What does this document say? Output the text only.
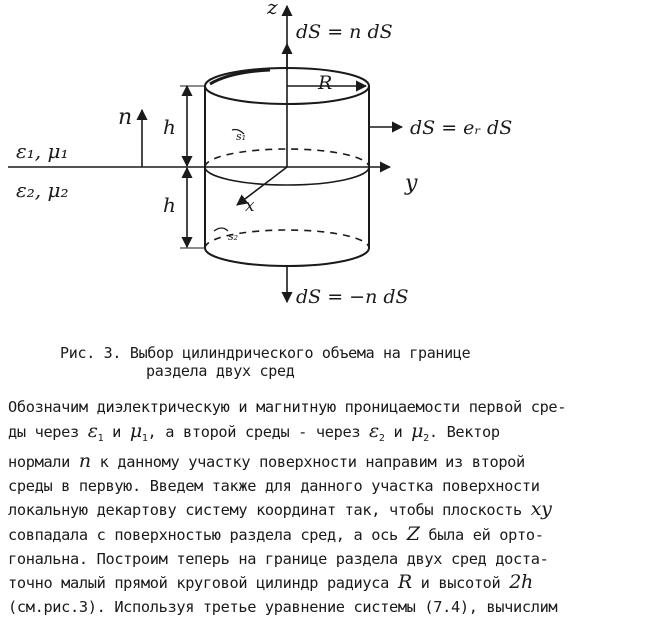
z
y
x
R
h
h
n
ε₁, μ₁
ε₂, μ₂
dS = n dS
dS = eᵣ dS
dS = −n dS
s₁
s₂
Рис. 3. Выбор цилиндрического объема на границе
раздела двух сред

Обозначим диэлектрическую и магнитную проницаемости первой сре-
ды через $\varepsilon_1$ и $\mu_1$, а второй среды - через $\varepsilon_2$ и $\mu_2$. Вектор
нормали n к данному участку поверхности направим из второй
среды в первую. Введем также для данного участка поверхности
локальную декартову систему координат так, чтобы плоскость xy
совпадала с поверхностью раздела сред, а ось Z была ей орто-
гональна. Построим теперь на границе раздела двух сред доста-
точно малый прямой круговой цилиндр радиуса R и высотой 2h
(см.рис.3). Используя третье уравнение системы (7.4), вычислим
